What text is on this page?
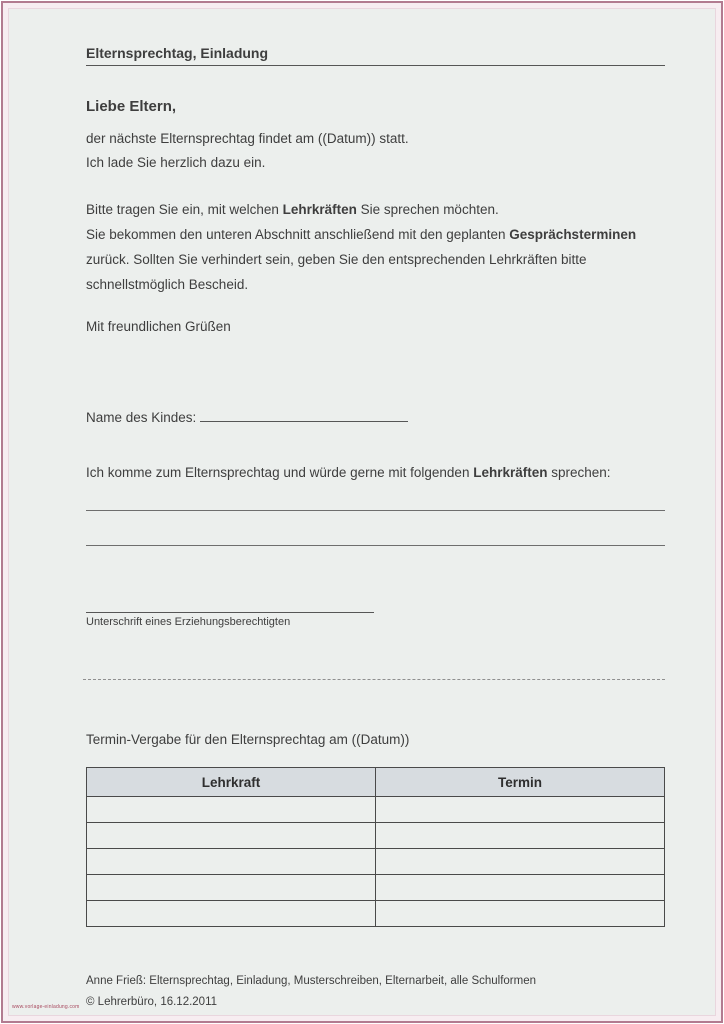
Elternsprechtag, Einladung

Liebe Eltern,

der nächste Elternsprechtag findet am ((Datum)) statt.
Ich lade Sie herzlich dazu ein.

Bitte tragen Sie ein, mit welchen Lehrkräften Sie sprechen möchten.
Sie bekommen den unteren Abschnitt anschließend mit den geplanten Gesprächsterminen zurück. Sollten Sie verhindert sein, geben Sie den entsprechenden Lehrkräften bitte schnellstmöglich Bescheid.

Mit freundlichen Grüßen

Name des Kindes:

Ich komme zum Elternsprechtag und würde gerne mit folgenden Lehrkräften sprechen:

Unterschrift eines Erziehungsberechtigten

Termin-Vergabe für den Elternsprechtag am ((Datum))

Lehrkraft	Termin

Anne Frieß: Elternsprechtag, Einladung, Musterschreiben, Elternarbeit, alle Schulformen
© Lehrerbüro, 16.12.2011

www.vorlage-einladung.com
